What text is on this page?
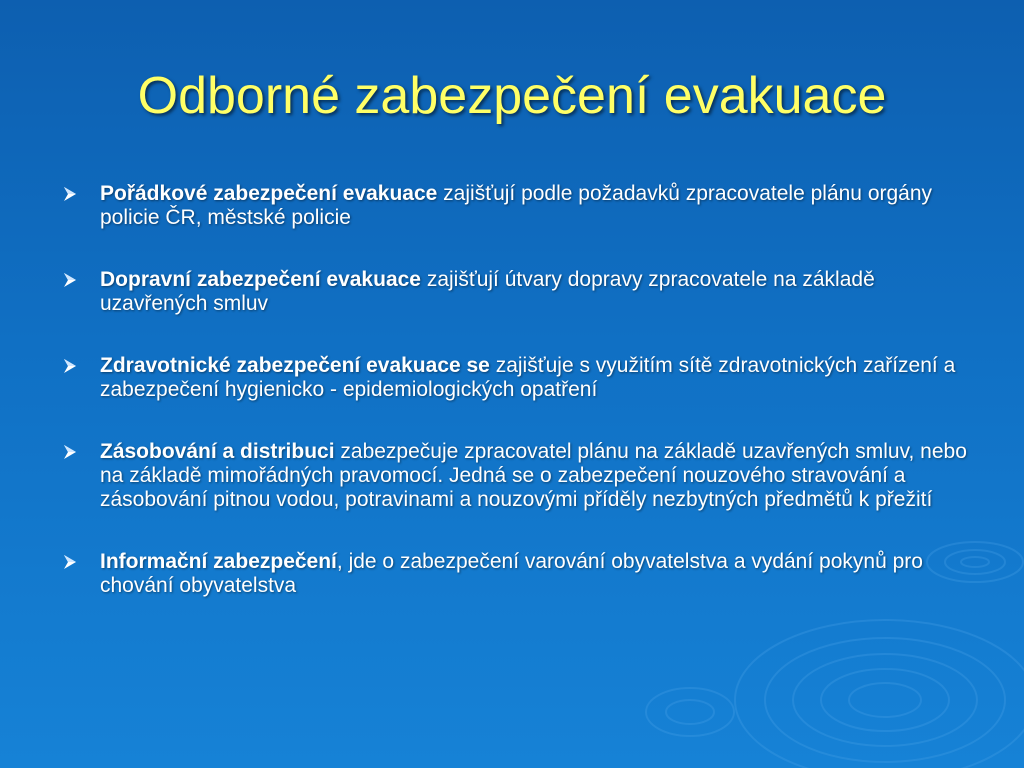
Odborné zabezpečení evakuace
Pořádkové zabezpečení evakuace zajišťují podle požadavků zpracovatele plánu orgány policie ČR, městské policie
Dopravní zabezpečení evakuace zajišťují útvary dopravy zpracovatele na základě uzavřených smluv
Zdravotnické zabezpečení evakuace se zajišťuje s využitím sítě zdravotnických zařízení a zabezpečení hygienicko - epidemiologických opatření
Zásobování a distribuci zabezpečuje zpracovatel plánu na základě uzavřených smluv, nebo na základě mimořádných pravomocí. Jedná se o zabezpečení nouzového stravování a zásobování pitnou vodou, potravinami a nouzovými příděly nezbytných předmětů k přežití
Informační zabezpečení, jde o zabezpečení varování obyvatelstva a vydání pokynů pro chování obyvatelstva
